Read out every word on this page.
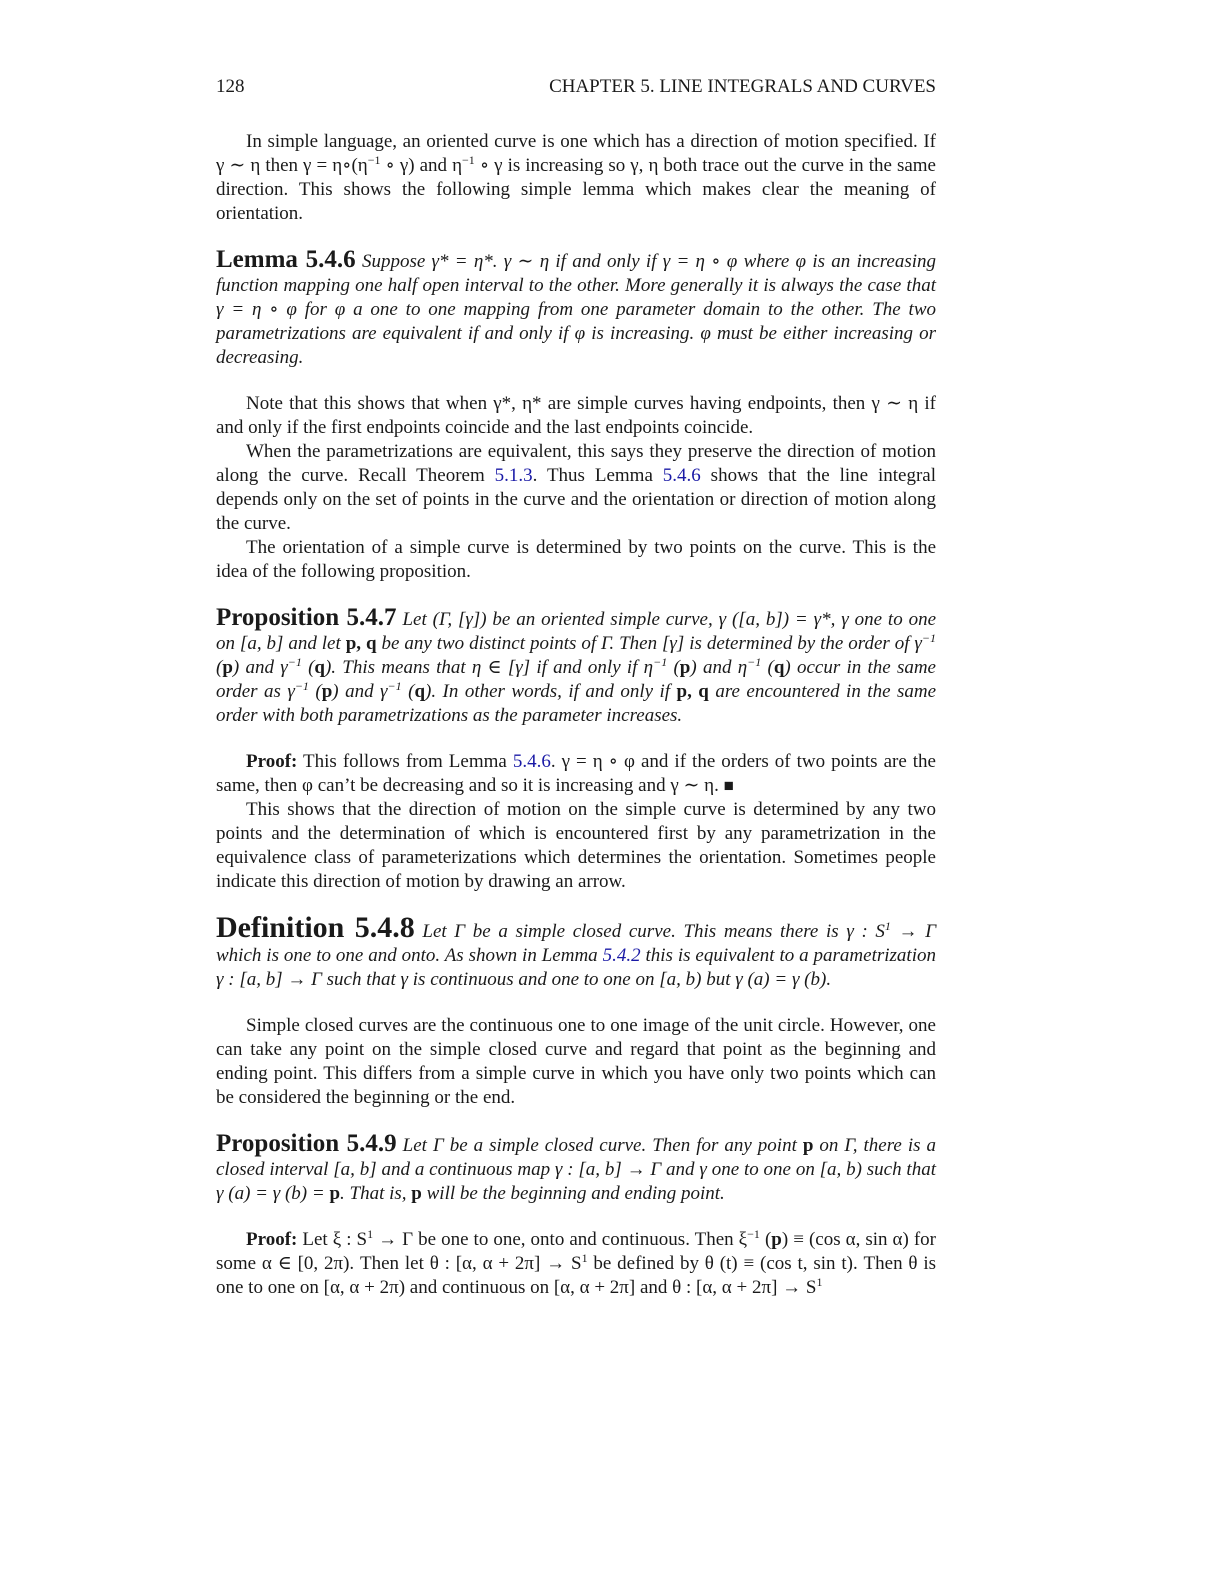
128	CHAPTER 5. LINE INTEGRALS AND CURVES

In simple language, an oriented curve is one which has a direction of motion specified. If γ ∼ η then $\gamma = \eta\circ(\eta^{-1}$ ∘ γ) and $\eta^{-1}$ ∘ γ is increasing so γ, η both trace out the curve in the same direction. This shows the following simple lemma which makes clear the meaning of orientation.

Lemma 5.4.6 Suppose γ* = η*. γ ∼ η if and only if γ = η ∘ φ where φ is an increasing function mapping one half open interval to the other. More generally it is always the case that γ = η ∘ φ for φ a one to one mapping from one parameter domain to the other. The two parametrizations are equivalent if and only if φ is increasing. φ must be either increasing or decreasing.

Note that this shows that when γ*, η* are simple curves having endpoints, then γ ∼ η if and only if the first endpoints coincide and the last endpoints coincide.

When the parametrizations are equivalent, this says they preserve the direction of motion along the curve. Recall Theorem 5.1.3. Thus Lemma 5.4.6 shows that the line integral depends only on the set of points in the curve and the orientation or direction of motion along the curve.

The orientation of a simple curve is determined by two points on the curve. This is the idea of the following proposition.

Proposition 5.4.7 Let (Γ, [γ]) be an oriented simple curve, γ ([a, b]) = γ*, γ one to one on [a, b] and let p, q be any two distinct points of Γ. Then [γ] is determined by the order of $\gamma^{-1}$ (p) and $\gamma^{-1}$ (q). This means that η ∈ [γ] if and only if $\eta^{-1}$ (p) and $\eta^{-1}$ (q) occur in the same order as $\gamma^{-1}$ (p) and $\gamma^{-1}$ (q). In other words, if and only if p, q are encountered in the same order with both parametrizations as the parameter increases.

Proof: This follows from Lemma 5.4.6. γ = η ∘ φ and if the orders of two points are the same, then φ can’t be decreasing and so it is increasing and γ ∼ η. ■

This shows that the direction of motion on the simple curve is determined by any two points and the determination of which is encountered first by any parametrization in the equivalence class of parameterizations which determines the orientation. Sometimes people indicate this direction of motion by drawing an arrow.

Definition 5.4.8 Let Γ be a simple closed curve. This means there is γ : $S^1 \to \Gamma$ which is one to one and onto. As shown in Lemma 5.4.2 this is equivalent to a parametrization γ : [a, b] → Γ such that γ is continuous and one to one on [a, b) but γ (a) = γ (b).

Simple closed curves are the continuous one to one image of the unit circle. However, one can take any point on the simple closed curve and regard that point as the beginning and ending point. This differs from a simple curve in which you have only two points which can be considered the beginning or the end.

Proposition 5.4.9 Let Γ be a simple closed curve. Then for any point p on Γ, there is a closed interval [a, b] and a continuous map γ : [a, b] → Γ and γ one to one on [a, b) such that γ (a) = γ (b) = p. That is, p will be the beginning and ending point.

Proof: Let ξ : $S^1 \to \Gamma$ be one to one, onto and continuous. Then $\xi^{-1}$ (p) ≡ (cos α, sin α) for some α ∈ [0, 2π). Then let θ : [α, $\alpha + 2\pi] \to S^1$ be defined by θ (t) ≡ (cos t, sin t). Then θ is one to one on [α, α + 2π) and continuous on [α, α + 2π] and θ : [α, $\alpha + 2\pi] \to S^1$
